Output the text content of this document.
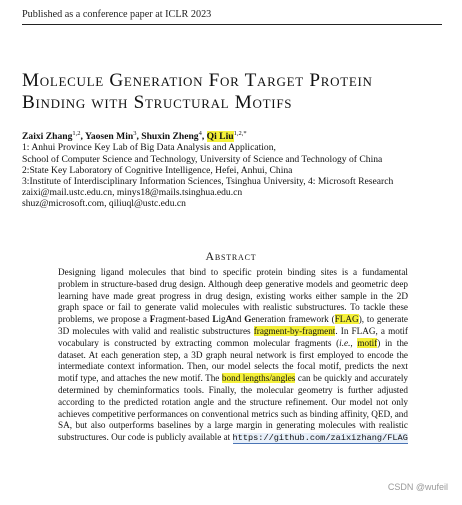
Published as a conference paper at ICLR 2023
Molecule Generation For Target Protein Binding with Structural Motifs
Zaixi Zhang$^{1,2}$, Yaosen Min$^3$, Shuxin Zheng$^4$, Qi Liu$^{1,2,*}$
1: Anhui Province Key Lab of Big Data Analysis and Application,
School of Computer Science and Technology, University of Science and Technology of China
2:State Key Laboratory of Cognitive Intelligence, Hefei, Anhui, China
3:Institute of Interdisciplinary Information Sciences, Tsinghua University, 4: Microsoft Research
zaixi@mail.ustc.edu.cn, minys18@mails.tsinghua.edu.cn
shuz@microsoft.com, qiliuql@ustc.edu.cn
Abstract
Designing ligand molecules that bind to specific protein binding sites is a fundamental problem in structure-based drug design. Although deep generative models and geometric deep learning have made great progress in drug design, existing works either sample in the 2D graph space or fail to generate valid molecules with realistic substructures. To tackle these problems, we propose a Fragment-based LigAnd Generation framework (FLAG), to generate 3D molecules with valid and realistic substructures fragment-by-fragment. In FLAG, a motif vocabulary is constructed by extracting common molecular fragments (i.e., motif) in the dataset. At each generation step, a 3D graph neural network is first employed to encode the intermediate context information. Then, our model selects the focal motif, predicts the next motif type, and attaches the new motif. The bond lengths/angles can be quickly and accurately determined by cheminformatics tools. Finally, the molecular geometry is further adjusted according to the predicted rotation angle and the structure refinement. Our model not only achieves competitive performances on conventional metrics such as binding affinity, QED, and SA, but also outperforms baselines by a large margin in generating molecules with realistic substructures. Our code is publicly available at https://github.com/zaixizhang/FLAG
CSDN @wufeil
